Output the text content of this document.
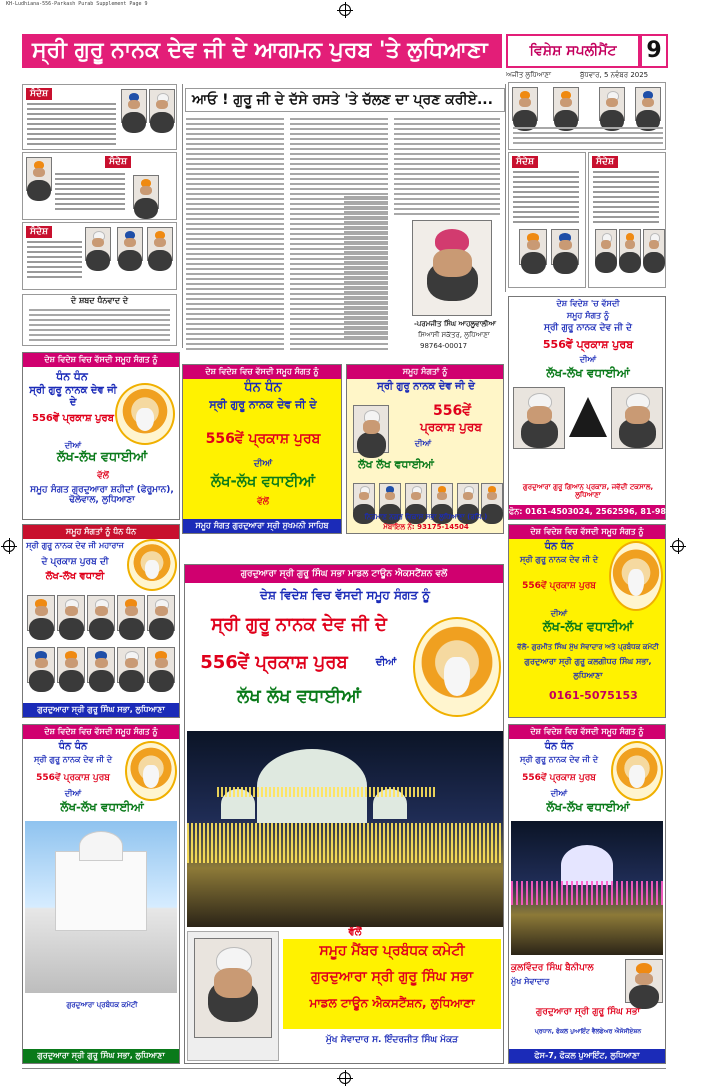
KH-Ludhiana-556-Parkash Purab Supplement Page 9
ਸ੍ਰੀ ਗੁਰੂ ਨਾਨਕ ਦੇਵ ਜੀ ਦੇ ਆਗਮਨ ਪੁਰਬ 'ਤੇ ਲੁਧਿਆਣਾ	ਵਿਸ਼ੇਸ਼ ਸਪਲੀਮੈਂਟ	9
ਅਜੀਤ ਲੁਧਿਆਣਾ	ਬੁੱਧਵਾਰ, 5 ਨਵੰਬਰ 2025
ਸੰਦੇਸ਼
ਸੰਦੇਸ਼
ਸੰਦੇਸ਼
ਦੋ ਸ਼ਬਦ ਧੰਨਵਾਦ ਦੇ
ਆਓ ! ਗੁਰੂ ਜੀ ਦੇ ਦੱਸੇ ਰਸਤੇ 'ਤੇ ਚੱਲਣ ਦਾ ਪ੍ਰਣ ਕਰੀਏ...
-ਪਰਮਜੀਤ ਸਿੰਘ ਆਹਲੂਵਾਲੀਆ
ਸਿਆਸੀ ਸਕੱਤਰ, ਲੁਧਿਆਣਾ
98764-00017
ਸੰਦੇਸ਼	ਸੰਦੇਸ਼
ਦੇਸ਼ ਵਿਦੇਸ਼ ਵਿਚ ਵੱਸਦੀ ਸਮੂਹ ਸੰਗਤ ਨੂੰ
ਧੰਨ ਧੰਨ
ਸ੍ਰੀ ਗੁਰੂ ਨਾਨਕ ਦੇਵ ਜੀ ਦੇ
556ਵੇਂ ਪ੍ਰਕਾਸ਼ ਪੁਰਬ
ਦੀਆਂ
ਲੱਖ-ਲੱਖ ਵਧਾਈਆਂ
ਵੱਲੋਂ
ਸਮੂਹ ਸੰਗਤ ਗੁਰਦੁਆਰਾ ਸ਼ਹੀਦਾਂ (ਫੇਰੂਮਾਨ), ਢੋਲੇਵਾਲ, ਲੁਧਿਆਣਾ
ਦੇਸ਼ ਵਿਦੇਸ਼ ਵਿਚ ਵੱਸਦੀ ਸਮੂਹ ਸੰਗਤ ਨੂੰ
ਧੰਨ ਧੰਨ
ਸ੍ਰੀ ਗੁਰੂ ਨਾਨਕ ਦੇਵ ਜੀ ਦੇ
556ਵੇਂ ਪ੍ਰਕਾਸ਼ ਪੁਰਬ
ਦੀਆਂ
ਲੱਖ-ਲੱਖ ਵਧਾਈਆਂ
ਵੱਲੋਂ
ਸਮੂਹ ਸੰਗਤ ਗੁਰਦੁਆਰਾ ਸ੍ਰੀ ਸੁਖਮਨੀ ਸਾਹਿਬ
ਸਮੂਹ ਸੰਗਤਾਂ ਨੂੰ
ਸ੍ਰੀ ਗੁਰੂ ਨਾਨਕ ਦੇਵ ਜੀ ਦੇ
556ਵੇਂ
ਪ੍ਰਕਾਸ਼ ਪੁਰਬ
ਦੀਆਂ
ਲੱਖ ਲੱਖ ਵਧਾਈਆਂ
ਨਿਰਮਾਣ ਨਗਰ ਵਿਕਾਸ ਸਭਾ ਲੁਧਿਆਣਾ (ਰਜਿ.)
ਮੋਬਾਇਲ ਨੰ: 93175-14504
ਦੇਸ਼ ਵਿਦੇਸ਼ 'ਚ ਵੱਸਦੀ
ਸਮੂਹ ਸੰਗਤ ਨੂੰ
ਸ੍ਰੀ ਗੁਰੂ ਨਾਨਕ ਦੇਵ ਜੀ ਦੇ
556ਵੇਂ ਪ੍ਰਕਾਸ਼ ਪੁਰਬ
ਦੀਆਂ
ਲੱਖ-ਲੱਖ ਵਧਾਈਆਂ
ਗੁਰਦੁਆਰਾ ਗੁਰੂ ਗਿਆਨ ਪ੍ਰਕਾਸ਼, ਜਵੱਦੀ ਟਕਸਾਲ, ਲੁਧਿਆਣਾ
ਫੋਨ: 0161-4503024, 2562596, 81-98721-20274
ਸਮੂਹ ਸੰਗਤਾਂ ਨੂੰ ਧੰਨ ਧੰਨ
ਸ੍ਰੀ ਗੁਰੂ ਨਾਨਕ ਦੇਵ ਜੀ ਮਹਾਰਾਜ
ਦੇ ਪ੍ਰਕਾਸ਼ ਪੁਰਬ ਦੀ
ਲੱਖ-ਲੱਖ ਵਧਾਈ
ਗੁਰਦੁਆਰਾ ਸ੍ਰੀ ਗੁਰੂ ਸਿੰਘ ਸਭਾ, ਲੁਧਿਆਣਾ
ਗੁਰਦੁਆਰਾ ਸ੍ਰੀ ਗੁਰੂ ਸਿੰਘ ਸਭਾ ਮਾਡਲ ਟਾਊਨ ਐਕਸਟੈਂਸ਼ਨ ਵਲੋਂ
ਦੇਸ਼ ਵਿਦੇਸ਼ ਵਿਚ ਵੱਸਦੀ ਸਮੂਹ ਸੰਗਤ ਨੂੰ
ਸ੍ਰੀ ਗੁਰੂ ਨਾਨਕ ਦੇਵ ਜੀ ਦੇ
556ਵੇਂ ਪ੍ਰਕਾਸ਼ ਪੁਰਬ	ਦੀਆਂ
ਲੱਖ ਲੱਖ ਵਧਾਈਆਂ
ਵੱਲੋਂ
ਸਮੂਹ ਮੈਂਬਰ ਪ੍ਰਬੰਧਕ ਕਮੇਟੀ
ਗੁਰਦੁਆਰਾ ਸ੍ਰੀ ਗੁਰੂ ਸਿੰਘ ਸਭਾ
ਮਾਡਲ ਟਾਊਨ ਐਕਸਟੈਂਸ਼ਨ, ਲੁਧਿਆਣਾ
ਮੁੱਖ ਸੇਵਾਦਾਰ ਸ. ਇੰਦਰਜੀਤ ਸਿੰਘ ਮੱਕੜ
ਦੇਸ਼ ਵਿਦੇਸ਼ ਵਿਚ ਵੱਸਦੀ ਸਮੂਹ ਸੰਗਤ ਨੂੰ
ਧੰਨ ਧੰਨ
ਸ੍ਰੀ ਗੁਰੂ ਨਾਨਕ ਦੇਵ ਜੀ ਦੇ
556ਵੇਂ ਪ੍ਰਕਾਸ਼ ਪੁਰਬ
ਦੀਆਂ
ਲੱਖ-ਲੱਖ ਵਧਾਈਆਂ
ਵੱਲੋਂ- ਗੁਰਮੀਤ ਸਿੰਘ ਮੁੱਖ ਸੇਵਾਦਾਰ ਅਤੇ ਪ੍ਰਬੰਧਕ ਕਮੇਟੀ
ਗੁਰਦੁਆਰਾ ਸ੍ਰੀ ਗੁਰੂ ਕਲਗੀਧਰ ਸਿੰਘ ਸਭਾ,
ਲੁਧਿਆਣਾ
0161-5075153
ਦੇਸ਼ ਵਿਦੇਸ਼ ਵਿਚ ਵੱਸਦੀ ਸਮੂਹ ਸੰਗਤ ਨੂੰ
ਧੰਨ ਧੰਨ
ਸ੍ਰੀ ਗੁਰੂ ਨਾਨਕ ਦੇਵ ਜੀ ਦੇ
556ਵੇਂ ਪ੍ਰਕਾਸ਼ ਪੁਰਬ
ਦੀਆਂ
ਲੱਖ-ਲੱਖ ਵਧਾਈਆਂ
ਗੁਰਦੁਆਰਾ ਪ੍ਰਬੰਧਕ ਕਮੇਟੀ
ਗੁਰਦੁਆਰਾ ਸ੍ਰੀ ਗੁਰੂ ਸਿੰਘ ਸਭਾ, ਲੁਧਿਆਣਾ
ਦੇਸ਼ ਵਿਦੇਸ਼ ਵਿਚ ਵੱਸਦੀ ਸਮੂਹ ਸੰਗਤ ਨੂੰ
ਧੰਨ ਧੰਨ
ਸ੍ਰੀ ਗੁਰੂ ਨਾਨਕ ਦੇਵ ਜੀ ਦੇ
556ਵੇਂ ਪ੍ਰਕਾਸ਼ ਪੁਰਬ
ਦੀਆਂ
ਲੱਖ-ਲੱਖ ਵਧਾਈਆਂ
ਕੁਲਵਿੰਦਰ ਸਿੰਘ ਬੈਨੀਪਾਲ
ਮੁੱਖ ਸੇਵਾਦਾਰ
ਗੁਰਦੁਆਰਾ ਸ੍ਰੀ ਗੁਰੂ ਸਿੰਘ ਸਭਾ
ਪ੍ਰਧਾਨ, ਫੋਕਲ ਪੁਆਇੰਟ ਵੈਲਫੇਅਰ ਐਸੋਸੀਏਸ਼ਨ
ਫੇਸ-7, ਫੋਕਲ ਪੁਆਇੰਟ, ਲੁਧਿਆਣਾ
